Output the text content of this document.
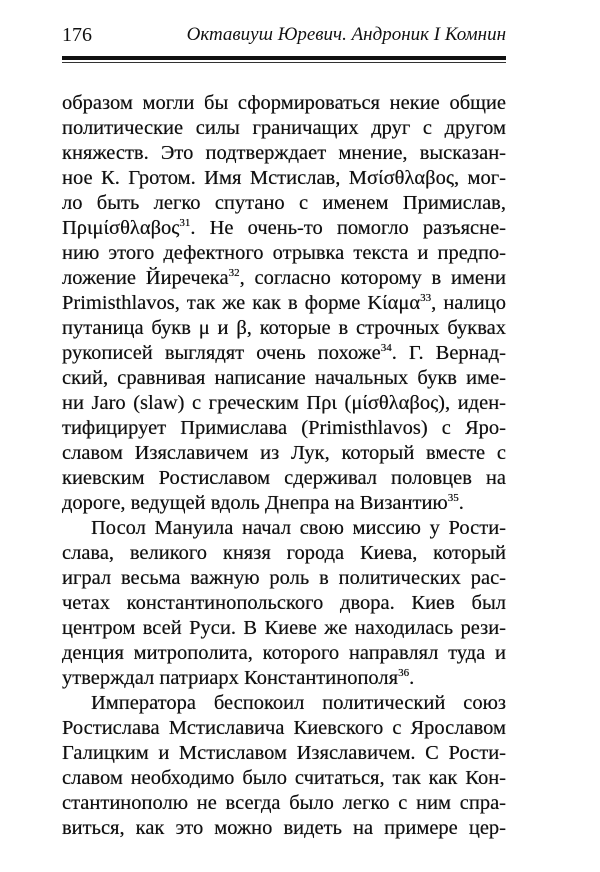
176	Октавиуш Юревич. Андроник I Комнин
образом могли бы сформироваться некие общие
политические силы граничащих друг с другом
княжеств. Это подтверждает мнение, высказан-
ное К. Гротом. Имя Мстислав, Μσίσθλαβος, мог-
ло быть легко спутано с именем Примислав,
Πριμίσθλαβος$^{31}$. Не очень-то помогло разъясне-
нию этого дефектного отрывка текста и предпо-
ложение Йиречека$^{32}$, согласно которому в имени
Primisthlavos, так же как в форме Κίαμα$^{33}$, налицо
путаница букв μ и β, которые в строчных буквах
рукописей выглядят очень похоже$^{34}$. Г. Вернад-
ский, сравнивая написание начальных букв име-
ни Jaro (slaw) с греческим Πρι (μίσθλαβος), иден-
тифицирует Примислава (Primisthlavos) с Яро-
славом Изяславичем из Лук, который вместе с
киевским Ростиславом сдерживал половцев на
дороге, ведущей вдоль Днепра на Византию$^{35}$.
Посол Мануила начал свою миссию у Рости-
слава, великого князя города Киева, который
играл весьма важную роль в политических рас-
четах константинопольского двора. Киев был
центром всей Руси. В Киеве же находилась рези-
денция митрополита, которого направлял туда и
утверждал патриарх Константинополя$^{36}$.
Императора беспокоил политический союз
Ростислава Мстиславича Киевского с Ярославом
Галицким и Мстиславом Изяславичем. С Рости-
славом необходимо было считаться, так как Кон-
стантинополю не всегда было легко с ним спра-
виться, как это можно видеть на примере цер-
